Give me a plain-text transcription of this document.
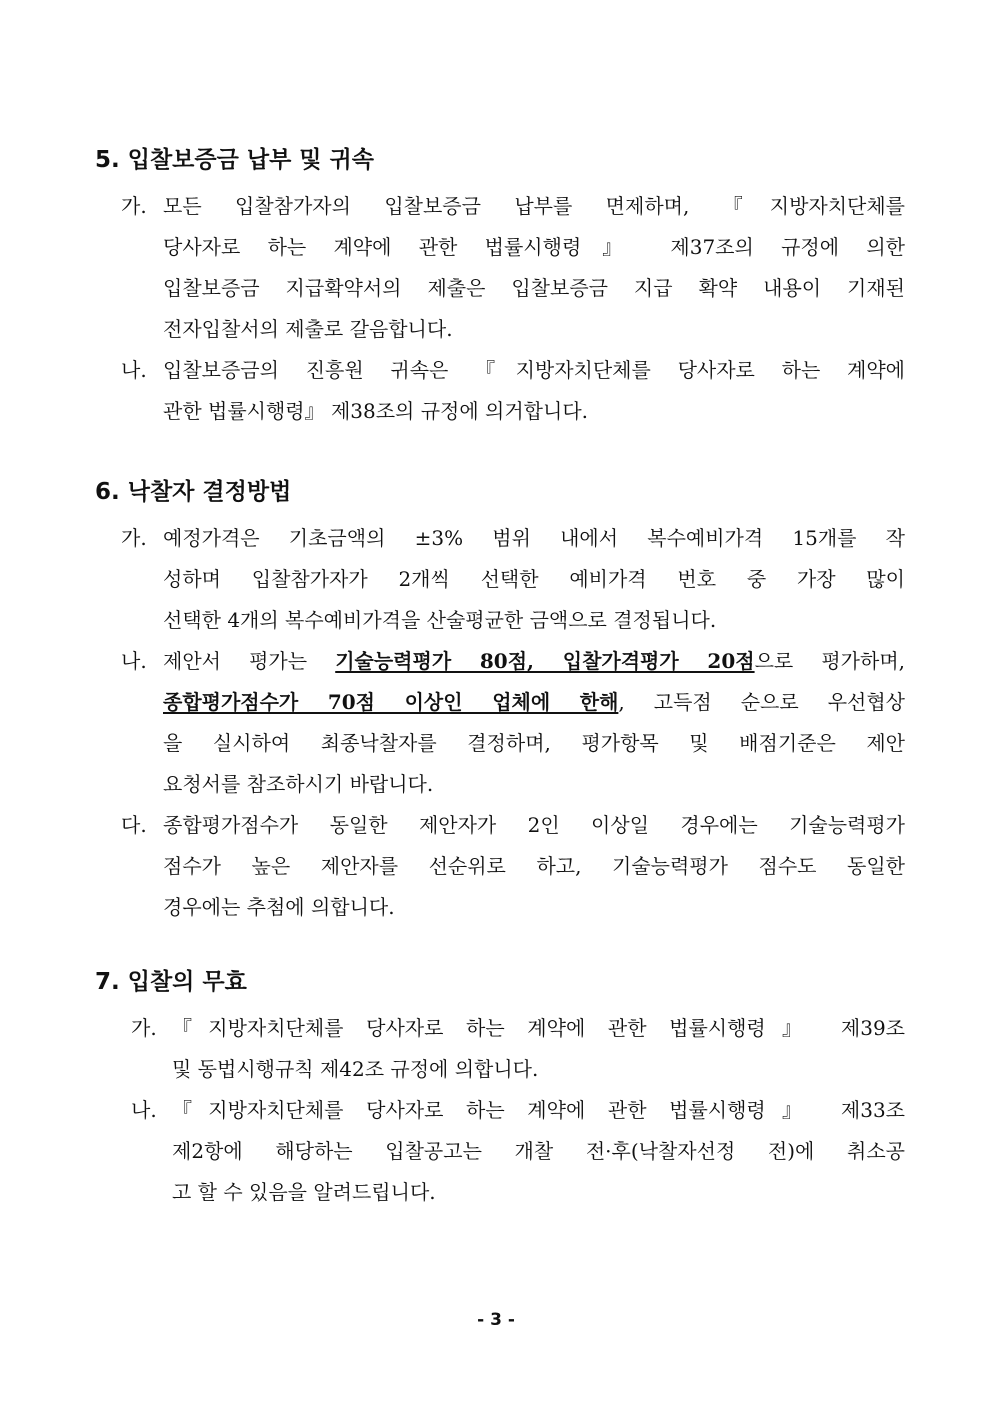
5. 입찰보증금 납부 및 귀속
가. 모든 입찰참가자의 입찰보증금 납부를 면제하며, 『지방자치단체를
당사자로 하는 계약에 관한 법률시행령』 제37조의 규정에 의한
입찰보증금 지급확약서의 제출은 입찰보증금 지급 확약 내용이 기재된
전자입찰서의 제출로 갈음합니다.
나. 입찰보증금의 진흥원 귀속은 『지방자치단체를 당사자로 하는 계약에
관한 법률시행령』 제38조의 규정에 의거합니다.
6. 낙찰자 결정방법
가. 예정가격은 기초금액의 ±3% 범위 내에서 복수예비가격 15개를 작
성하며 입찰참가자가 2개씩 선택한 예비가격 번호 중 가장 많이
선택한 4개의 복수예비가격을 산술평균한 금액으로 결정됩니다.
나. 제안서 평가는 기술능력평가 80점, 입찰가격평가 20점으로 평가하며,
종합평가점수가 70점 이상인 업체에 한해, 고득점 순으로 우선협상
을 실시하여 최종낙찰자를 결정하며, 평가항목 및 배점기준은 제안
요청서를 참조하시기 바랍니다.
다. 종합평가점수가 동일한 제안자가 2인 이상일 경우에는 기술능력평가
점수가 높은 제안자를 선순위로 하고, 기술능력평가 점수도 동일한
경우에는 추첨에 의합니다.
7. 입찰의 무효
가. 『지방자치단체를 당사자로 하는 계약에 관한 법률시행령』 제39조
및 동법시행규칙 제42조 규정에 의합니다.
나. 『지방자치단체를 당사자로 하는 계약에 관한 법률시행령』 제33조
제2항에 해당하는 입찰공고는 개찰 전·후(낙찰자선정 전)에 취소공
고 할 수 있음을 알려드립니다.
- 3 -
